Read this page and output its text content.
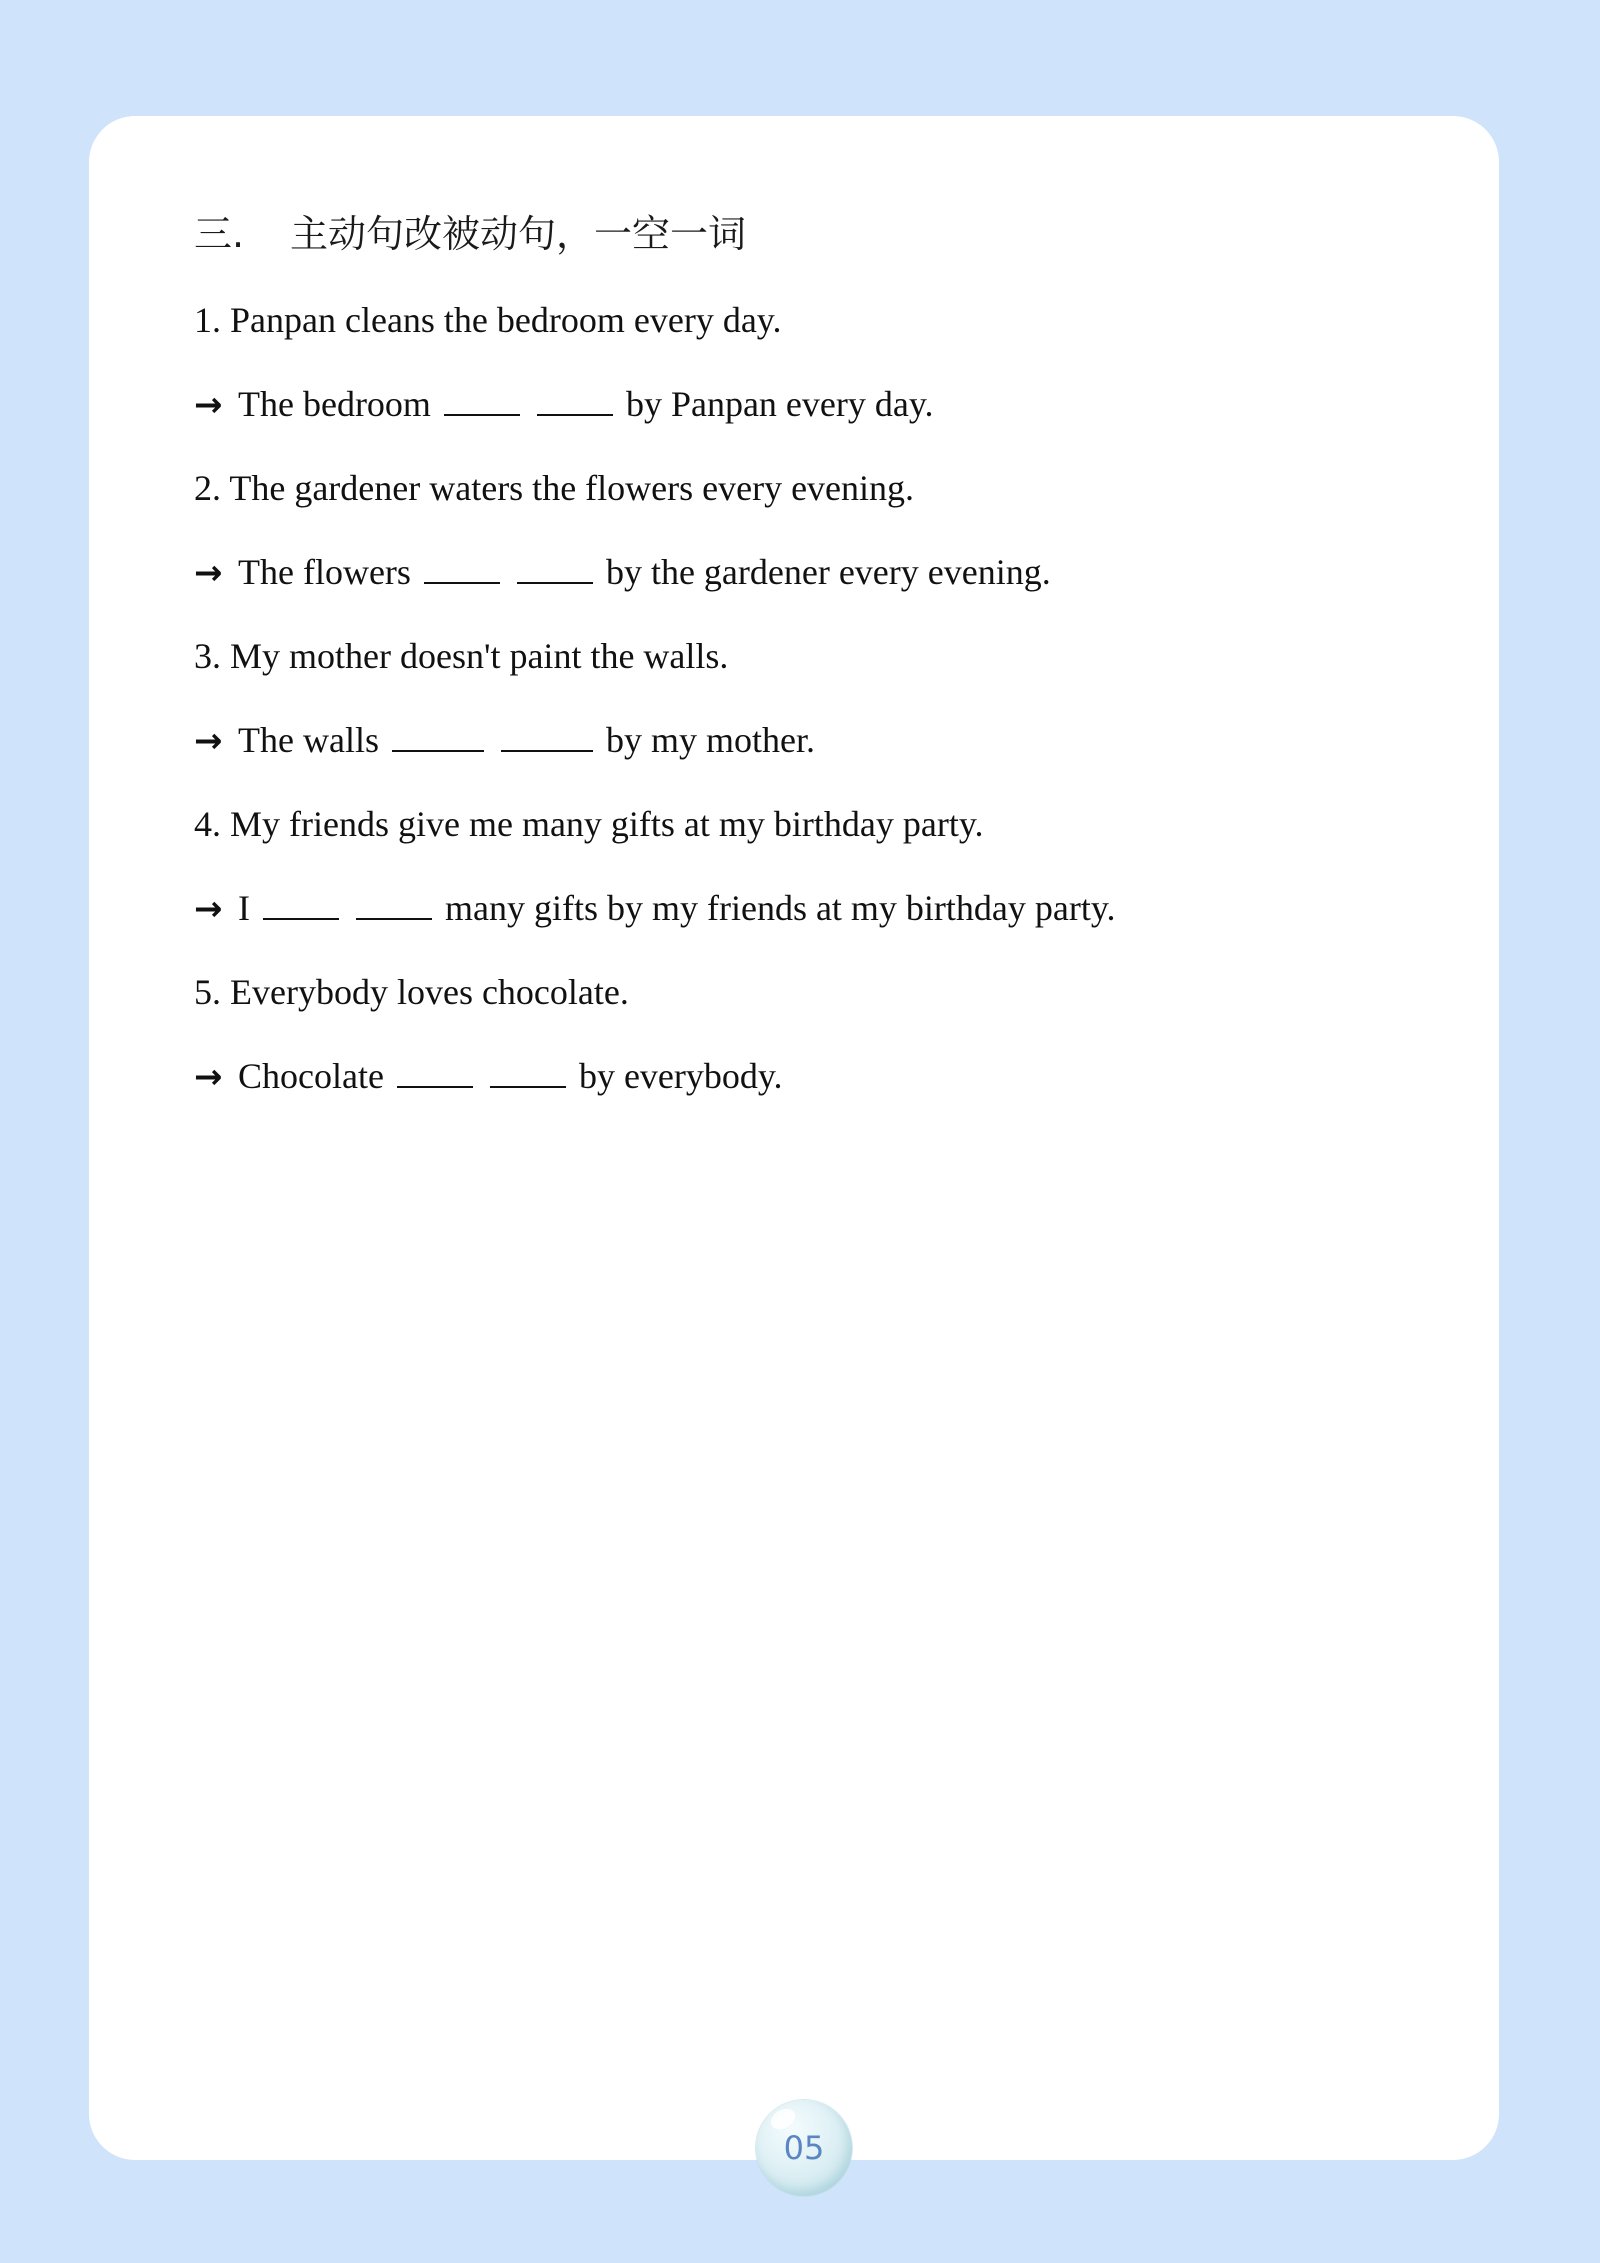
三. 主动句改被动句，一空一词
1. Panpan cleans the bedroom every day.
→ The bedroom	by Panpan every day.
2. The gardener waters the flowers every evening.
→ The flowers	by the gardener every evening.
3. My mother doesn't paint the walls.
→ The walls	by my mother.
4. My friends give me many gifts at my birthday party.
→ I	many gifts by my friends at my birthday party.
5. Everybody loves chocolate.
→ Chocolate	by everybody.
05
